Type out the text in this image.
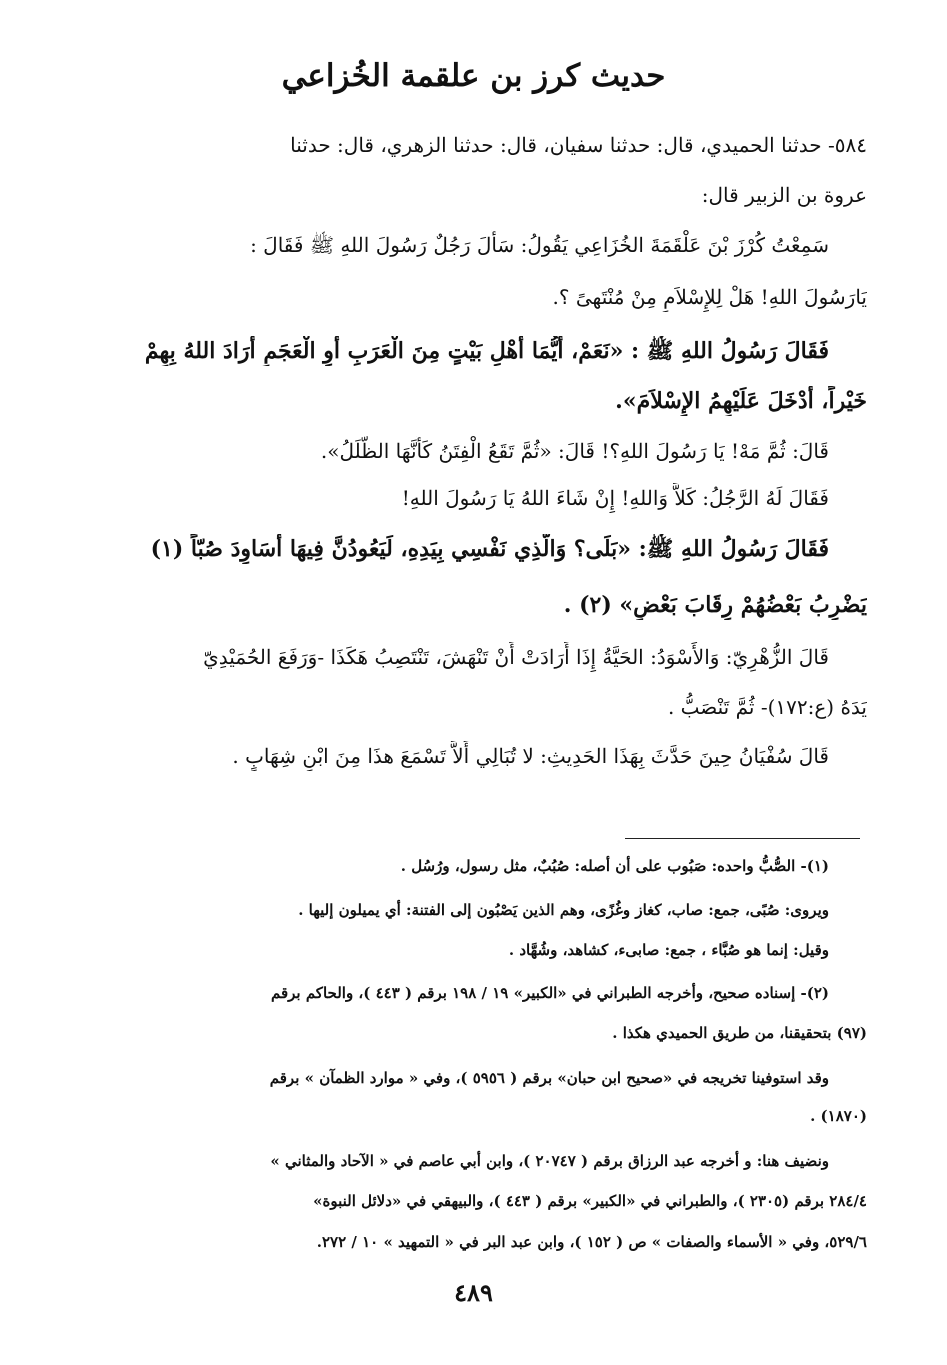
حديث كرز بن علقمة الخُزاعي
٥٨٤- حدثنا الحميدي، قال: حدثنا سفيان، قال: حدثنا الزهري، قال: حدثنا
عروة بن الزبير قال:
سَمِعْتُ كُرْزَ بْنَ عَلْقَمَةَ الخُزَاعِي يَقُولُ: سَأَلَ رَجُلٌ رَسُولَ اللهِ ﷺ فَقَالَ :
يَارَسُولَ اللهِ! هَلْ لِلإِسْلاَمِ مِنْ مُنْتَهىً ؟.
فَقَالَ رَسُولُ اللهِ ﷺ : «نَعَمْ، أَيُّمَا أَهْلِ بَيْتٍ مِنَ الْعَرَبِ أَوِ الْعَجَمِ أَرَادَ اللهُ بِهِمْ
خَيْراً، أَدْخَلَ عَلَيْهِمُ الإِسْلاَمَ».
قَالَ: ثُمَّ مَهْ! يَا رَسُولَ اللهِ؟! قَالَ: «ثُمَّ تَقَعُ الْفِتَنُ كَأَنَّهَا الظُّلَلُ».
فَقَالَ لَهُ الرَّجُلُ: كَلاَّ وَاللهِ! إِنْ شَاءَ اللهُ يَا رَسُولَ اللهِ!
فَقَالَ رَسُولُ اللهِ ﷺ: «بَلَى؟ وَالَّذِي نَفْسِي بِيَدِهِ، لَيَعُودُنَّ فِيهَا أَسَاوِدَ صُبّاً (١)
يَضْرِبُ بَعْضُهُمْ رِقَابَ بَعْضٍ» (٢) .
قَالَ الزُّهْرِيّ: وَالأَسْوَدُ: الحَيَّةُ إِذَا أَرَادَتْ أَنْ تَنْهَشَ، تَنْتَصِبُ هَكَذَا -وَرَفَعَ الحُمَيْدِيّ
يَدَهُ (ع:١٧٢)- ثُمَّ تَنْصَبُّ .
قَالَ سُفْيَانُ حِينَ حَدَّثَ بِهَذَا الحَدِيثِ: لا تُبَالِي أَلاَّ تَسْمَعَ هذَا مِنَ ابْنِ شِهَابٍ .
(١)- الصُّبُّ واحده: صَبُوب على أن أصله: صُبُبٌ، مثل رسول، ورُسُل .
ويروى: صُبًى، جمع: صاب، كغاز وغُزًى، وهم الذين يَصْبُون إلى الفتنة: أي يميلون إليها .
وقيل: إنما هو صُبَّاء ، جمع: صابىء، كشاهد، وشُهَّاد .
(٢)- إسناده صحيح، وأخرجه الطبراني في «الكبير» ١٩ / ١٩٨ برقم ( ٤٤٣ )، والحاكم برقم
(٩٧) بتحقيقنا، من طريق الحميدي هكذا .
وقد استوفينا تخريجه في «صحيح ابن حبان» برقم ( ٥٩٥٦ )، وفي « موارد الظمآن » برقم
(١٨٧٠) .
ونضيف هنا: و أخرجه عبد الرزاق برقم ( ٢٠٧٤٧ )، وابن أبي عاصم في « الآحاد والمثاني »
٢٨٤/٤ برقم (٢٣٠٥ )، والطبراني في «الكبير» برقم ( ٤٤٣ )، والبيهقي في «دلائل النبوة»
٥٢٩/٦، وفي « الأسماء والصفات » ص ( ١٥٢ )، وابن عبد البر في « التمهيد » ١٠ / ٢٧٢.
٤٨٩
